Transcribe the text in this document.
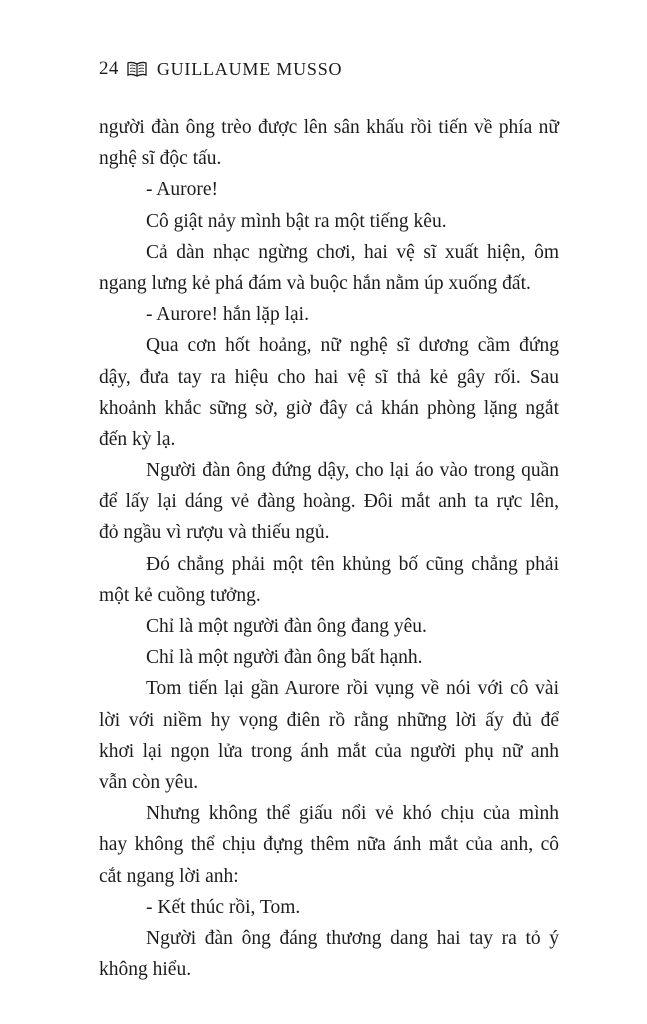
24 GUILLAUME MUSSO
người đàn ông trèo được lên sân khấu rồi tiến về phía nữ
nghệ sĩ độc tấu.
- Aurore!
Cô giật nảy mình bật ra một tiếng kêu.
Cả dàn nhạc ngừng chơi, hai vệ sĩ xuất hiện, ôm
ngang lưng kẻ phá đám và buộc hắn nằm úp xuống đất.
- Aurore! hắn lặp lại.
Qua cơn hốt hoảng, nữ nghệ sĩ dương cầm đứng
dậy, đưa tay ra hiệu cho hai vệ sĩ thả kẻ gây rối. Sau
khoảnh khắc sững sờ, giờ đây cả khán phòng lặng ngắt
đến kỳ lạ.
Người đàn ông đứng dậy, cho lại áo vào trong quần
để lấy lại dáng vẻ đàng hoàng. Đôi mắt anh ta rực lên,
đỏ ngầu vì rượu và thiếu ngủ.
Đó chẳng phải một tên khủng bố cũng chẳng phải
một kẻ cuồng tưởng.
Chỉ là một người đàn ông đang yêu.
Chỉ là một người đàn ông bất hạnh.
Tom tiến lại gần Aurore rồi vụng về nói với cô vài
lời với niềm hy vọng điên rồ rằng những lời ấy đủ để
khơi lại ngọn lửa trong ánh mắt của người phụ nữ anh
vẫn còn yêu.
Nhưng không thể giấu nổi vẻ khó chịu của mình
hay không thể chịu đựng thêm nữa ánh mắt của anh, cô
cắt ngang lời anh:
- Kết thúc rồi, Tom.
Người đàn ông đáng thương dang hai tay ra tỏ ý
không hiểu.
